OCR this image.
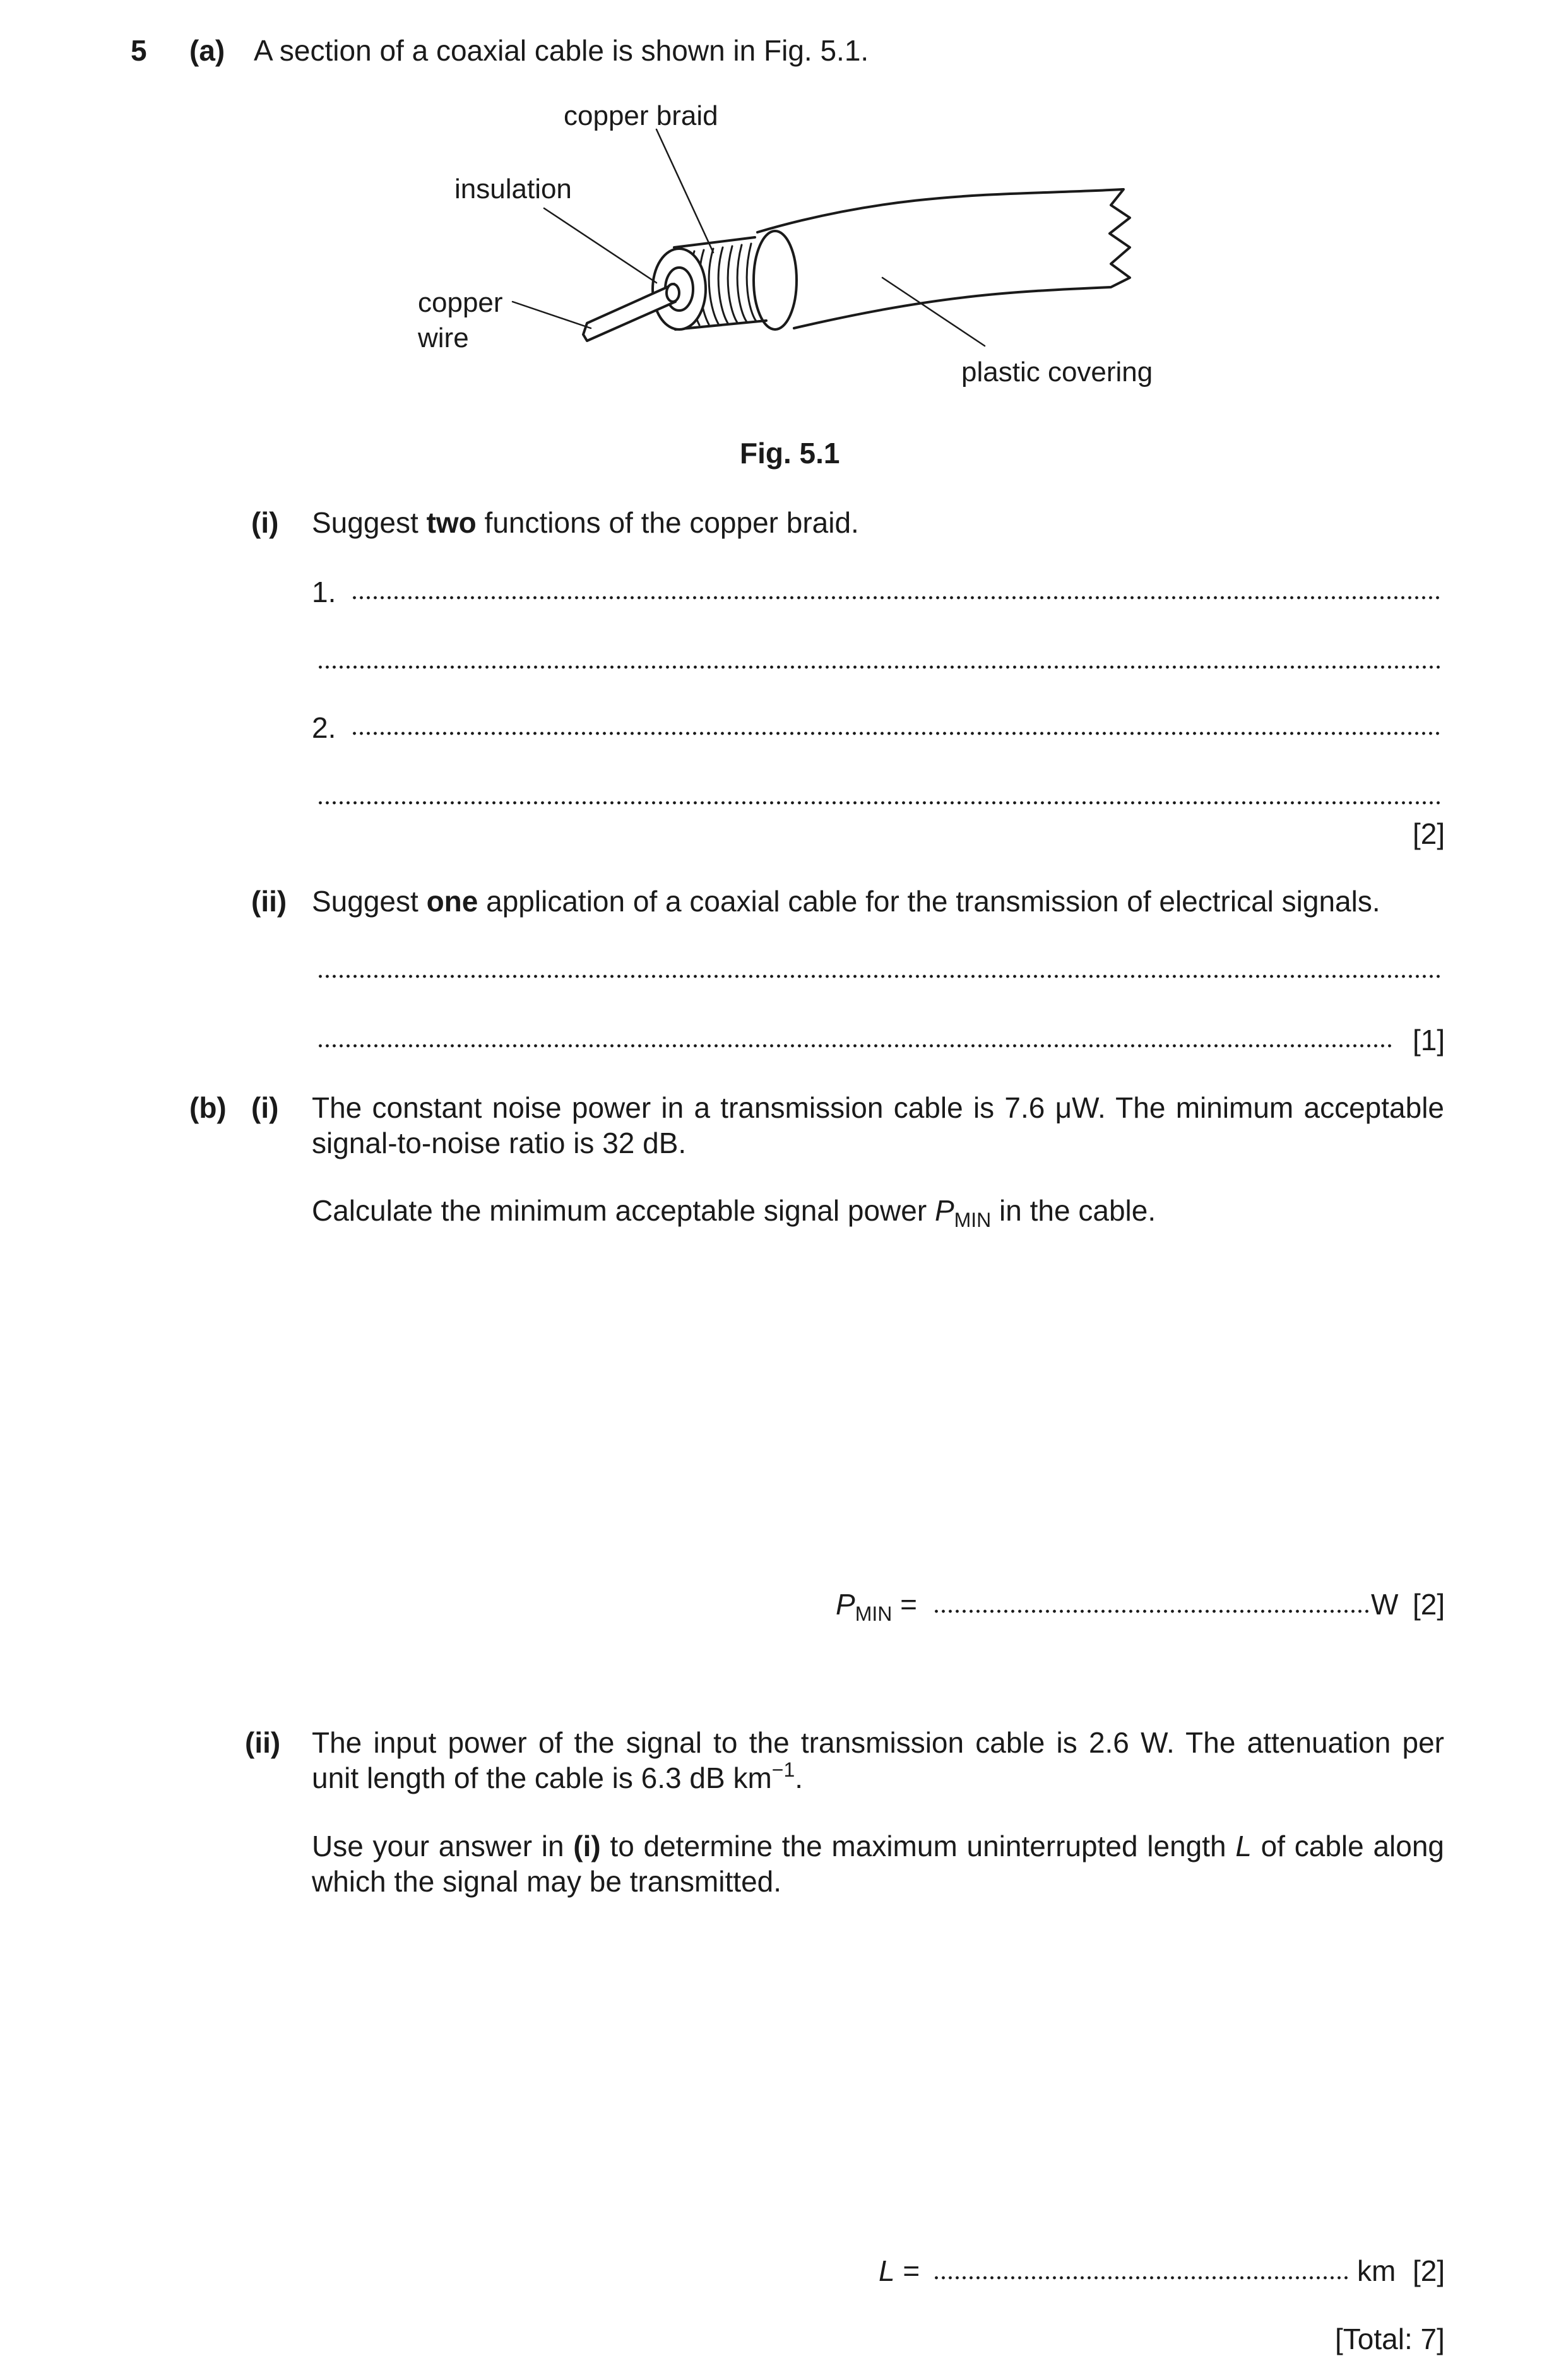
5 (a) A section of a coaxial cable is shown in Fig. 5.1.
copper braid
insulation
copper
wire
plastic covering
Fig. 5.1
(i) Suggest two functions of the copper braid.
1.
2.
[2]
(ii) Suggest one application of a coaxial cable for the transmission of electrical signals.
[1]
(b) (i) The constant noise power in a transmission cable is 7.6 μW. The minimum acceptable signal-to-noise ratio is 32 dB.
Calculate the minimum acceptable signal power $P_{MIN}$ in the cable.
$P_{MIN}$ =	W [2]
(ii) The input power of the signal to the transmission cable is 2.6 W. The attenuation per unit length of the cable is 6.3 dB $km^{-1}$.
Use your answer in (i) to determine the maximum uninterrupted length L of cable along which the signal may be transmitted.
L =	km [2]
[Total: 7]
